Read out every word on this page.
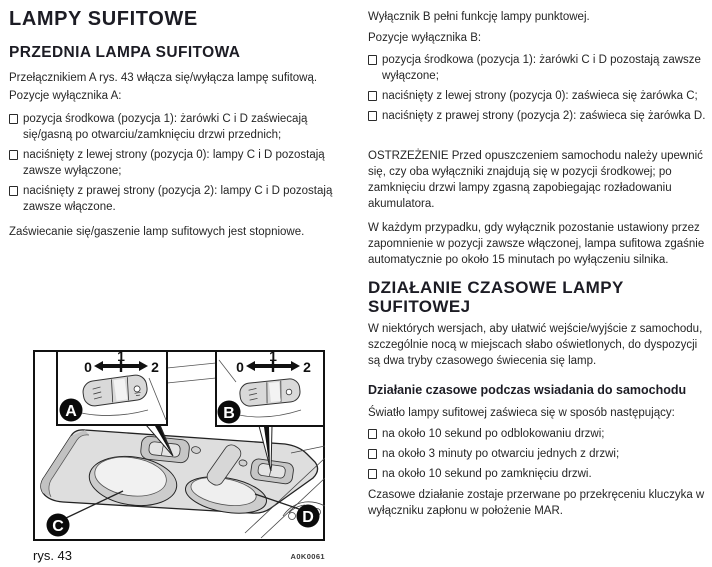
LAMPY SUFITOWE
PRZEDNIA LAMPA SUFITOWA

Przełącznikiem A rys. 43 włącza się/wyłącza lampę sufitową.

Pozycje wyłącznika A:

pozycja środkowa (pozycja 1): żarówki C i D zaświecają się/gasną po otwarciu/zamknięciu drzwi przednich;
naciśnięty z lewej strony (pozycja 0): lampy C i D pozostają zawsze wyłączone;
naciśnięty z prawej strony (pozycja 2): lampy C i D pozostają zawsze włączone.

Zaświecanie się/gaszenie lamp sufitowych jest stopniowe.

Wyłącznik B pełni funkcję lampy punktowej.

Pozycje wyłącznika B:

pozycja środkowa (pozycja 1): żarówki C i D pozostają zawsze wyłączone;
naciśnięty z lewej strony (pozycja 0): zaświeca się żarówka C;
naciśnięty z prawej strony (pozycja 2): zaświeca się żarówka D.

OSTRZEŻENIE Przed opuszczeniem samochodu należy upewnić się, czy oba wyłączniki znajdują się w pozycji środkowej; po zamknięciu drzwi lampy zgasną zapobiegając rozładowaniu akumulatora.

W każdym przypadku, gdy wyłącznik pozostanie ustawiony przez zapomnienie w pozycji zawsze włączonej, lampa sufitowa zgaśnie automatycznie po około 15 minutach po wyłączeniu silnika.

DZIAŁANIE CZASOWE LAMPY SUFITOWEJ

W niektórych wersjach, aby ułatwić wejście/wyjście z samochodu, szczególnie nocą w miejscach słabo oświetlonych, do dyspozycji są dwa tryby czasowego świecenia się lamp.

Działanie czasowe podczas wsiadania do samochodu

Światło lampy sufitowej zaświeca się w sposób następujący:

na około 10 sekund po odblokowaniu drzwi;
na około 3 minuty po otwarciu jednych z drzwi;
na około 10 sekund po zamknięciu drzwi.

Czasowe działanie zostaje przerwane po przekręceniu kluczyka w wyłączniku zapłonu w położenie MAR.

0
1
2
A
0
1
2
B
C
D
rys. 43	A0K0061
